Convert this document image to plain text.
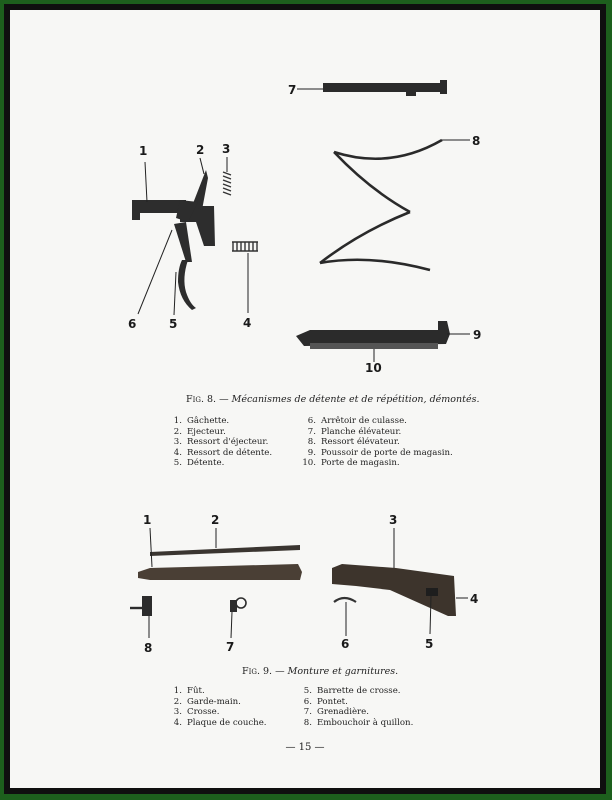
7
8
1	2 3
5
6	4
9
10
Fig. 8. — Mécanismes de détente et de répétition, démontés.
1. Gâchette.
2. Ejecteur.
3. Ressort d'éjecteur.
4. Ressort de détente.
5. Détente.
6. Arrêtoir de culasse.
7. Planche élévateur.
8. Ressort élévateur.
9. Poussoir de porte de magasin.
10. Porte de magasin.
2
1	3
4
5
6
7
8
Fig. 9. — Monture et garnitures.
1. Fût.
2. Garde-main.
3. Crosse.
4. Plaque de couche.
5. Barrette de crosse.
6. Pontet.
7. Grenadière.
8. Embouchoir à quillon.
— 15 —
